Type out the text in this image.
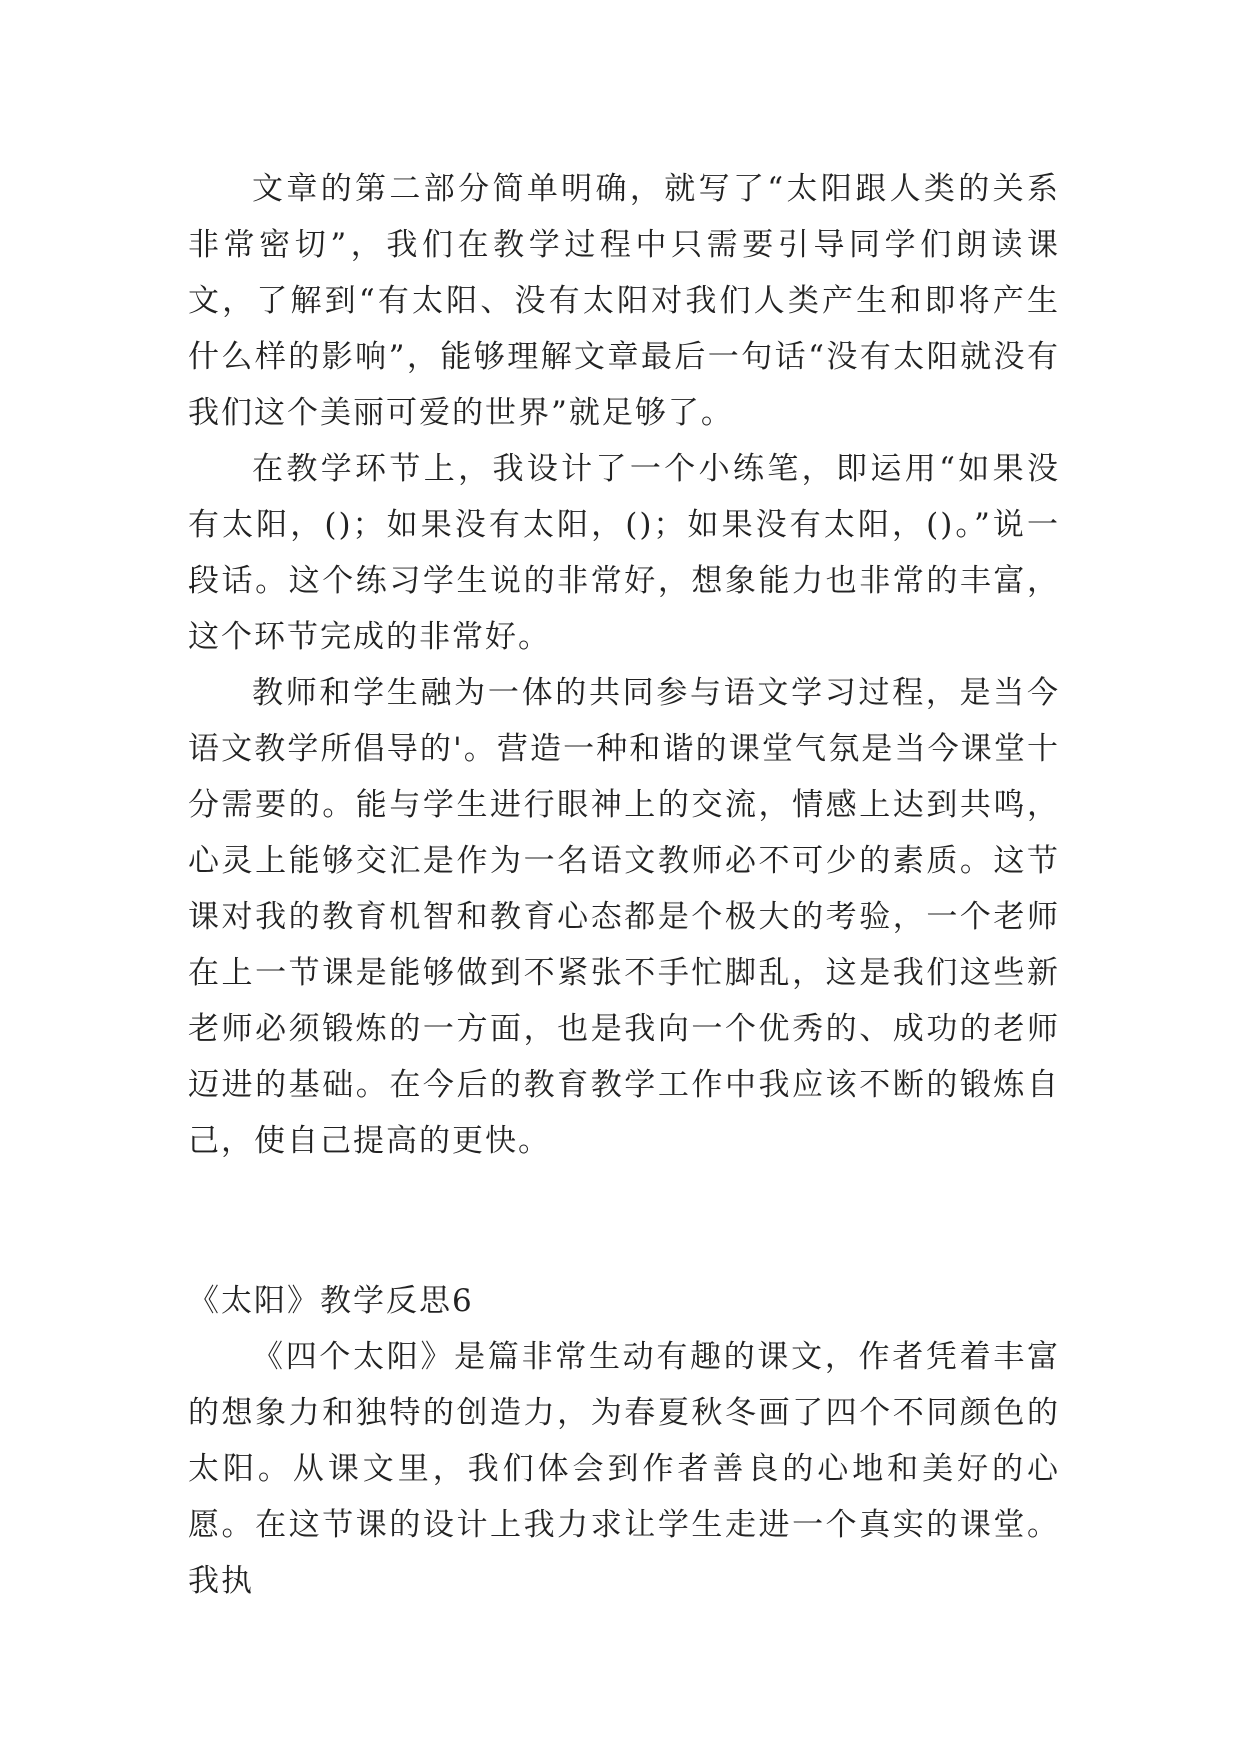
文章的第二部分简单明确，就写了“太阳跟人类的关系非常密切”，我们在教学过程中只需要引导同学们朗读课文，了解到“有太阳、没有太阳对我们人类产生和即将产生什么样的影响”，能够理解文章最后一句话“没有太阳就没有我们这个美丽可爱的世界”就足够了。

在教学环节上，我设计了一个小练笔，即运用“如果没有太阳，()；如果没有太阳，()；如果没有太阳，()。”说一段话。这个练习学生说的非常好，想象能力也非常的丰富，这个环节完成的非常好。

教师和学生融为一体的共同参与语文学习过程，是当今语文教学所倡导的'。营造一种和谐的课堂气氛是当今课堂十分需要的。能与学生进行眼神上的交流，情感上达到共鸣，心灵上能够交汇是作为一名语文教师必不可少的素质。这节课对我的教育机智和教育心态都是个极大的考验，一个老师在上一节课是能够做到不紧张不手忙脚乱，这是我们这些新老师必须锻炼的一方面，也是我向一个优秀的、成功的老师迈进的基础。在今后的教育教学工作中我应该不断的锻炼自己，使自己提高的更快。

《太阳》教学反思6

《四个太阳》是篇非常生动有趣的课文，作者凭着丰富的想象力和独特的创造力，为春夏秋冬画了四个不同颜色的太阳。从课文里，我们体会到作者善良的心地和美好的心愿。在这节课的设计上我力求让学生走进一个真实的课堂。我执
